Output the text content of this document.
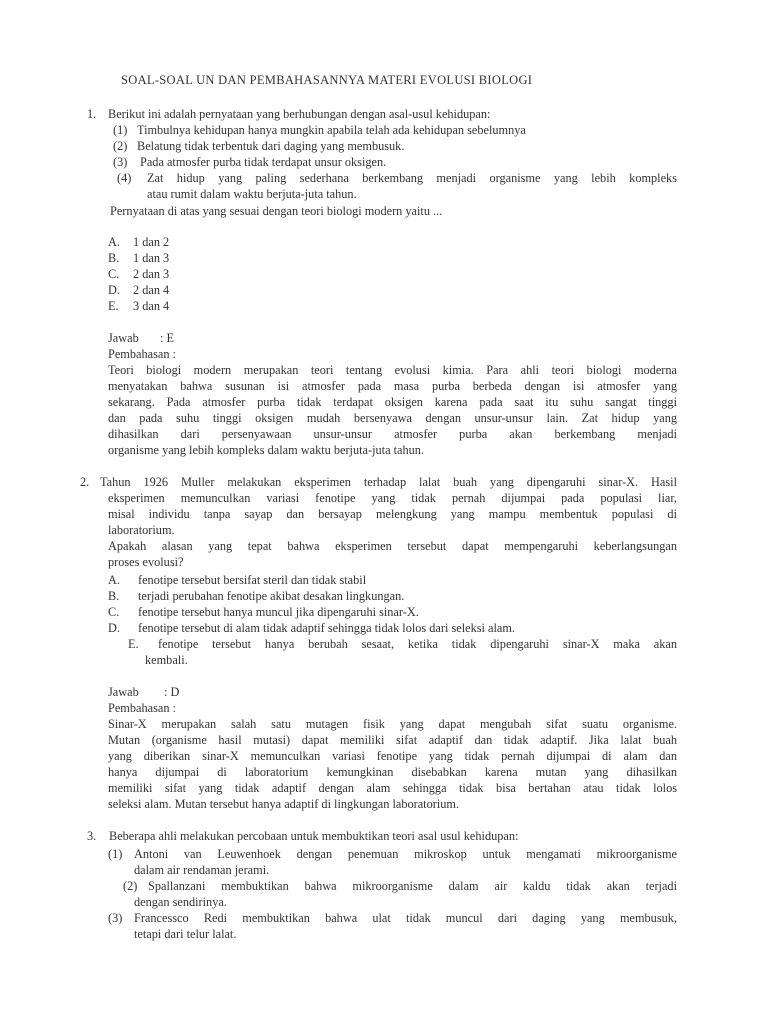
SOAL-SOAL UN DAN PEMBAHASANNYA MATERI EVOLUSI BIOLOGI
1. Berikut ini adalah pernyataan yang berhubungan dengan asal-usul kehidupan:
(1) Timbulnya kehidupan hanya mungkin apabila telah ada kehidupan sebelumnya
(2) Belatung tidak terbentuk dari daging yang membusuk.
(3) Pada atmosfer purba tidak terdapat unsur oksigen.
(4) Zat hidup yang paling sederhana berkembang menjadi organisme yang lebih kompleks
atau rumit dalam waktu berjuta-juta tahun.
Pernyataan di atas yang sesuai dengan teori biologi modern yaitu ...
A. 1 dan 2
B. 1 dan 3
C. 2 dan 3
D. 2 dan 4
E. 3 dan 4
Jawab : E
Pembahasan :
Teori biologi modern merupakan teori tentang evolusi kimia. Para ahli teori biologi moderna
menyatakan bahwa susunan isi atmosfer pada masa purba berbeda dengan isi atmosfer yang
sekarang. Pada atmosfer purba tidak terdapat oksigen karena pada saat itu suhu sangat tinggi
dan pada suhu tinggi oksigen mudah bersenyawa dengan unsur-unsur lain. Zat hidup yang
dihasilkan dari persenyawaan unsur-unsur atmosfer purba akan berkembang menjadi
organisme yang lebih kompleks dalam waktu berjuta-juta tahun.
2. Tahun 1926 Muller melakukan eksperimen terhadap lalat buah yang dipengaruhi sinar-X. Hasil
eksperimen memunculkan variasi fenotipe yang tidak pernah dijumpai pada populasi liar,
misal individu tanpa sayap dan bersayap melengkung yang mampu membentuk populasi di
laboratorium.
Apakah alasan yang tepat bahwa eksperimen tersebut dapat mempengaruhi keberlangsungan
proses evolusi?
A. fenotipe tersebut bersifat steril dan tidak stabil
B. terjadi perubahan fenotipe akibat desakan lingkungan.
C. fenotipe tersebut hanya muncul jika dipengaruhi sinar-X.
D. fenotipe tersebut di alam tidak adaptif sehingga tidak lolos dari seleksi alam.
E. fenotipe tersebut hanya berubah sesaat, ketika tidak dipengaruhi sinar-X maka akan
kembali.
Jawab : D
Pembahasan :
Sinar-X merupakan salah satu mutagen fisik yang dapat mengubah sifat suatu organisme.
Mutan (organisme hasil mutasi) dapat memiliki sifat adaptif dan tidak adaptif. Jika lalat buah
yang diberikan sinar-X memunculkan variasi fenotipe yang tidak pernah dijumpai di alam dan
hanya dijumpai di laboratorium kemungkinan disebabkan karena mutan yang dihasilkan
memiliki sifat yang tidak adaptif dengan alam sehingga tidak bisa bertahan atau tidak lolos
seleksi alam. Mutan tersebut hanya adaptif di lingkungan laboratorium.
3. Beberapa ahli melakukan percobaan untuk membuktikan teori asal usul kehidupan:
(1) Antoni van Leuwenhoek dengan penemuan mikroskop untuk mengamati mikroorganisme
dalam air rendaman jerami.
(2) Spallanzani membuktikan bahwa mikroorganisme dalam air kaldu tidak akan terjadi
dengan sendirinya.
(3) Francessco Redi membuktikan bahwa ulat tidak muncul dari daging yang membusuk,
tetapi dari telur lalat.
